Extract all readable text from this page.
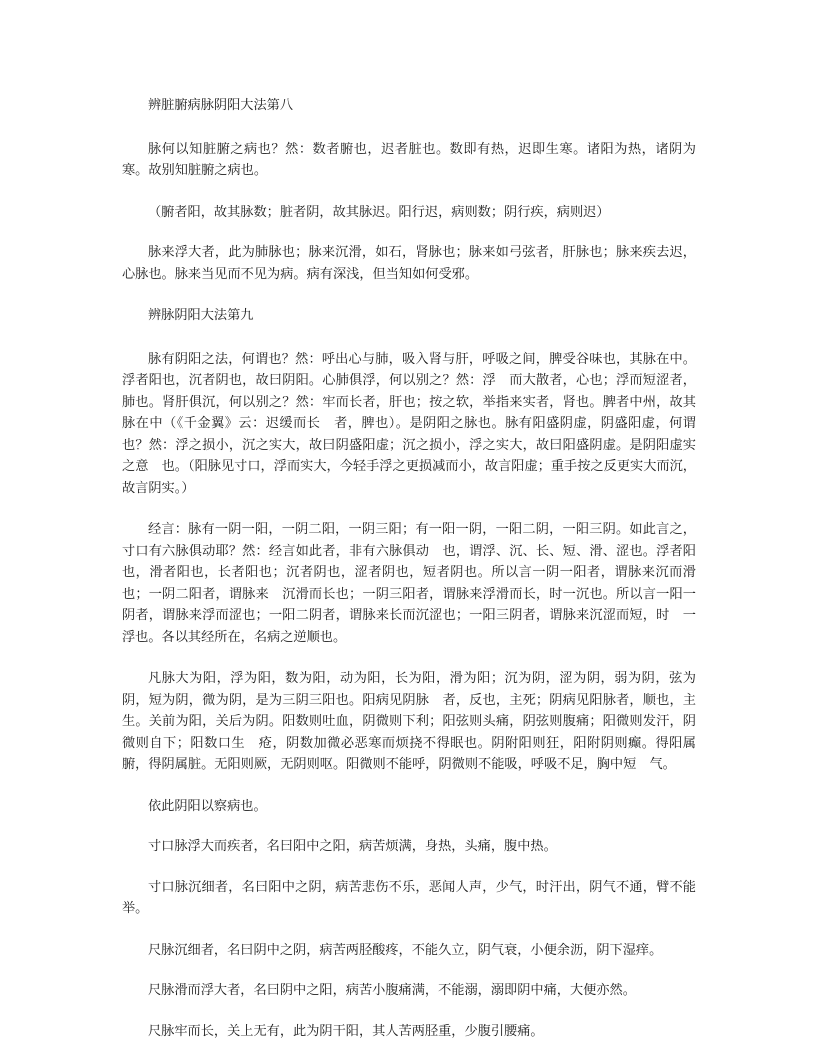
辨脏腑病脉阴阳大法第八

脉何以知脏腑之病也？然：数者腑也，迟者脏也。数即有热，迟即生寒。诸阳为热，诸阴为寒。故别知脏腑之病也。

（腑者阳，故其脉数；脏者阴，故其脉迟。阳行迟，病则数；阴行疾，病则迟）

脉来浮大者，此为肺脉也；脉来沉滑，如石，肾脉也；脉来如弓弦者，肝脉也；脉来疾去迟，心脉也。脉来当见而不见为病。病有深浅，但当知如何受邪。

辨脉阴阳大法第九

脉有阴阳之法，何谓也？然：呼出心与肺，吸入肾与肝，呼吸之间，脾受谷味也，其脉在中。浮者阳也，沉者阴也，故曰阴阳。心肺俱浮，何以别之？然：浮　而大散者，心也；浮而短涩者，肺也。肾肝俱沉，何以别之？然：牢而长者，肝也；按之软，举指来实者，肾也。脾者中州，故其脉在中（《千金翼》云：迟缓而长　者，脾也）。是阴阳之脉也。脉有阳盛阴虚，阴盛阳虚，何谓也？然：浮之损小，沉之实大，故曰阴盛阳虚；沉之损小，浮之实大，故曰阳盛阴虚。是阴阳虚实之意　也。（阳脉见寸口，浮而实大，今轻手浮之更损减而小，故言阳虚；重手按之反更实大而沉，故言阴实。）

经言：脉有一阴一阳，一阴二阳，一阴三阳；有一阳一阴，一阳二阴，一阳三阴。如此言之，寸口有六脉俱动耶？然：经言如此者，非有六脉俱动　也，谓浮、沉、长、短、滑、涩也。浮者阳也，滑者阳也，长者阳也；沉者阴也，涩者阴也，短者阴也。所以言一阴一阳者，谓脉来沉而滑也；一阴二阳者，谓脉来　沉滑而长也；一阴三阳者，谓脉来浮滑而长，时一沉也。所以言一阳一阴者，谓脉来浮而涩也；一阳二阴者，谓脉来长而沉涩也；一阳三阴者，谓脉来沉涩而短，时　一浮也。各以其经所在，名病之逆顺也。

凡脉大为阳，浮为阳，数为阳，动为阳，长为阳，滑为阳；沉为阴，涩为阴，弱为阴，弦为阴，短为阴，微为阴，是为三阴三阳也。阳病见阴脉　者，反也，主死；阴病见阳脉者，顺也，主生。关前为阳，关后为阴。阳数则吐血，阴微则下利；阳弦则头痛，阴弦则腹痛；阳微则发汗，阴微则自下；阳数口生　疮，阴数加微必恶寒而烦挠不得眠也。阴附阳则狂，阳附阴则癫。得阳属腑，得阴属脏。无阳则厥，无阴则呕。阳微则不能呼，阴微则不能吸，呼吸不足，胸中短　气。

依此阴阳以察病也。

寸口脉浮大而疾者，名曰阳中之阳，病苦烦满，身热，头痛，腹中热。

寸口脉沉细者，名曰阳中之阴，病苦悲伤不乐，恶闻人声，少气，时汗出，阴气不通，臂不能举。

尺脉沉细者，名曰阴中之阴，病苦两胫酸疼，不能久立，阴气衰，小便余沥，阴下湿痒。

尺脉滑而浮大者，名曰阴中之阳，病苦小腹痛满，不能溺，溺即阴中痛，大便亦然。

尺脉牢而长，关上无有，此为阴干阳，其人苦两胫重，少腹引腰痛。
